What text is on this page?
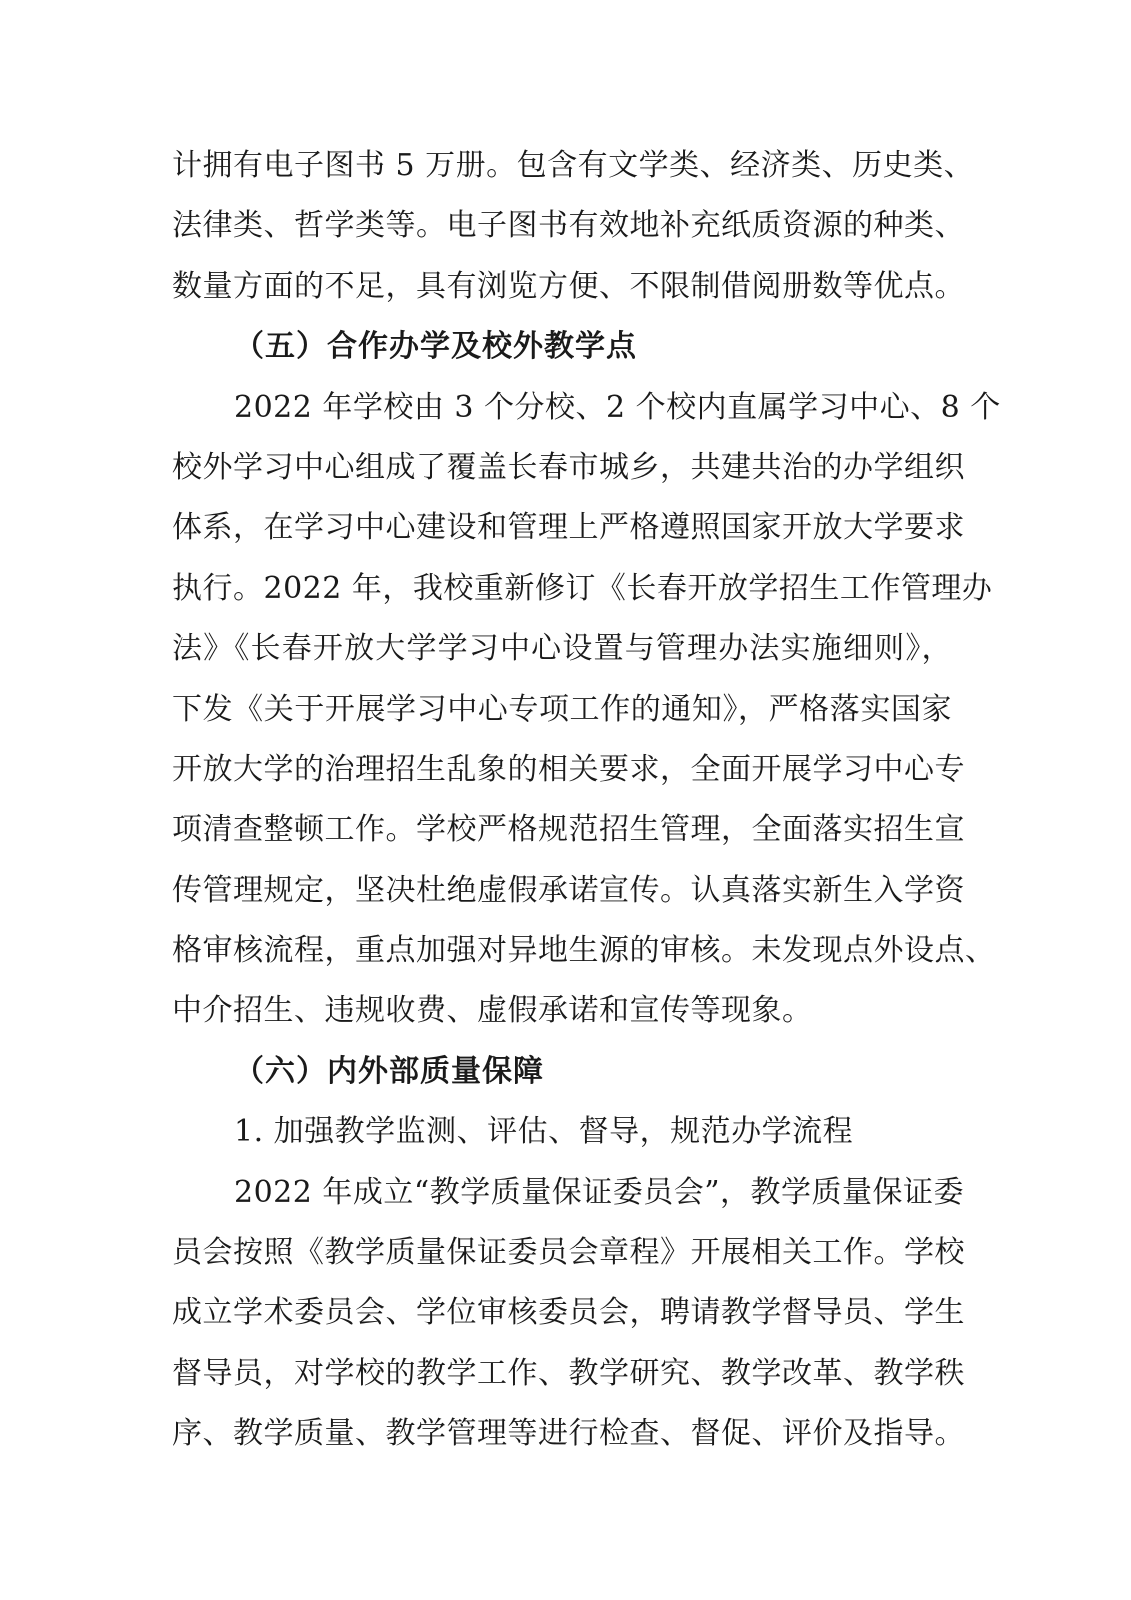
计拥有电子图书 5 万册。包含有文学类、经济类、历史类、
法律类、哲学类等。电子图书有效地补充纸质资源的种类、
数量方面的不足，具有浏览方便、不限制借阅册数等优点。
（五）合作办学及校外教学点
2022 年学校由 3 个分校、2 个校内直属学习中心、8 个
校外学习中心组成了覆盖长春市城乡，共建共治的办学组织
体系，在学习中心建设和管理上严格遵照国家开放大学要求
执行。2022 年，我校重新修订《长春开放学招生工作管理办
法》《长春开放大学学习中心设置与管理办法实施细则》，
下发《关于开展学习中心专项工作的通知》，严格落实国家
开放大学的治理招生乱象的相关要求，全面开展学习中心专
项清查整顿工作。学校严格规范招生管理，全面落实招生宣
传管理规定，坚决杜绝虚假承诺宣传。认真落实新生入学资
格审核流程，重点加强对异地生源的审核。未发现点外设点、
中介招生、违规收费、虚假承诺和宣传等现象。
（六）内外部质量保障
1. 加强教学监测、评估、督导，规范办学流程
2022 年成立“教学质量保证委员会”，教学质量保证委
员会按照《教学质量保证委员会章程》开展相关工作。学校
成立学术委员会、学位审核委员会，聘请教学督导员、学生
督导员，对学校的教学工作、教学研究、教学改革、教学秩
序、教学质量、教学管理等进行检查、督促、评价及指导。
